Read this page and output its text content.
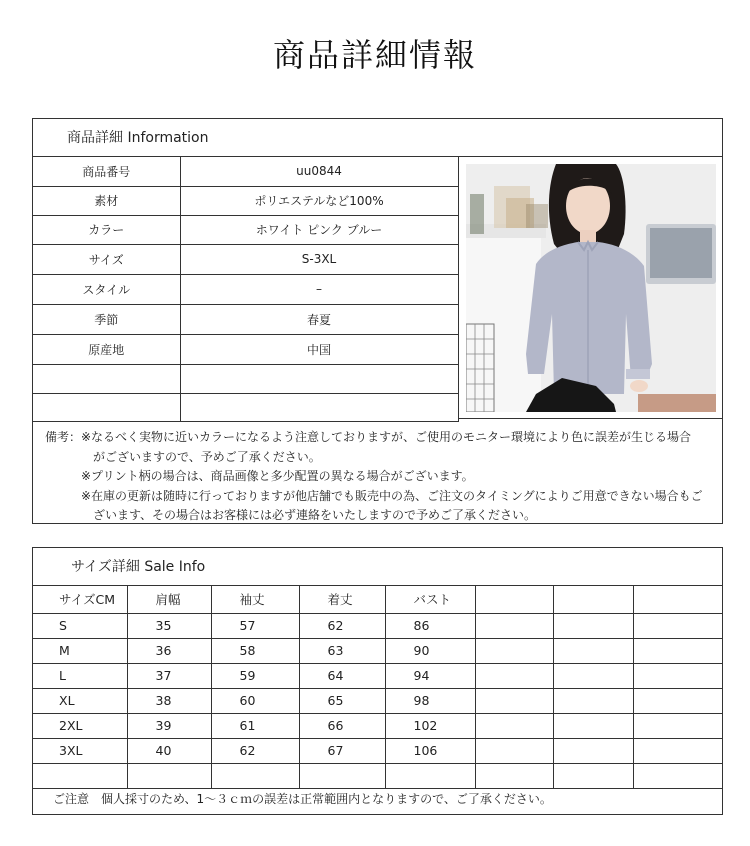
商品詳細情報
商品詳細 Information
商品番号	uu0844
素材	ポリエステルなど100%
カラー	ホワイト ピンク ブルー
サイズ	S-3XL
スタイル	–
季節	春夏
原産地	中国

備考： ※なるべく実物に近いカラーになるよう注意しておりますが、ご使用のモニター環境により色に誤差が生じる場合
がございますので、予めご了承ください。
※プリント柄の場合は、商品画像と多少配置の異なる場合がございます。
※在庫の更新は随時に行っておりますが他店舗でも販売中の為、ご注文のタイミングによりご用意できない場合もご
ざいます、その場合はお客様には必ず連絡をいたしますので予めご了承ください。
サイズ詳細 Sale Info
サイズCM	肩幅	袖丈	着丈	バスト			
S	35	57	62	86			
M	36	58	63	90			
L	37	59	64	94			
XL	38	60	65	98			
2XL	39	61	66	102			
3XL	40	62	67	106			

ご注意　個人採寸のため、1～３ｃｍの誤差は正常範囲内となりますので、ご了承ください。
